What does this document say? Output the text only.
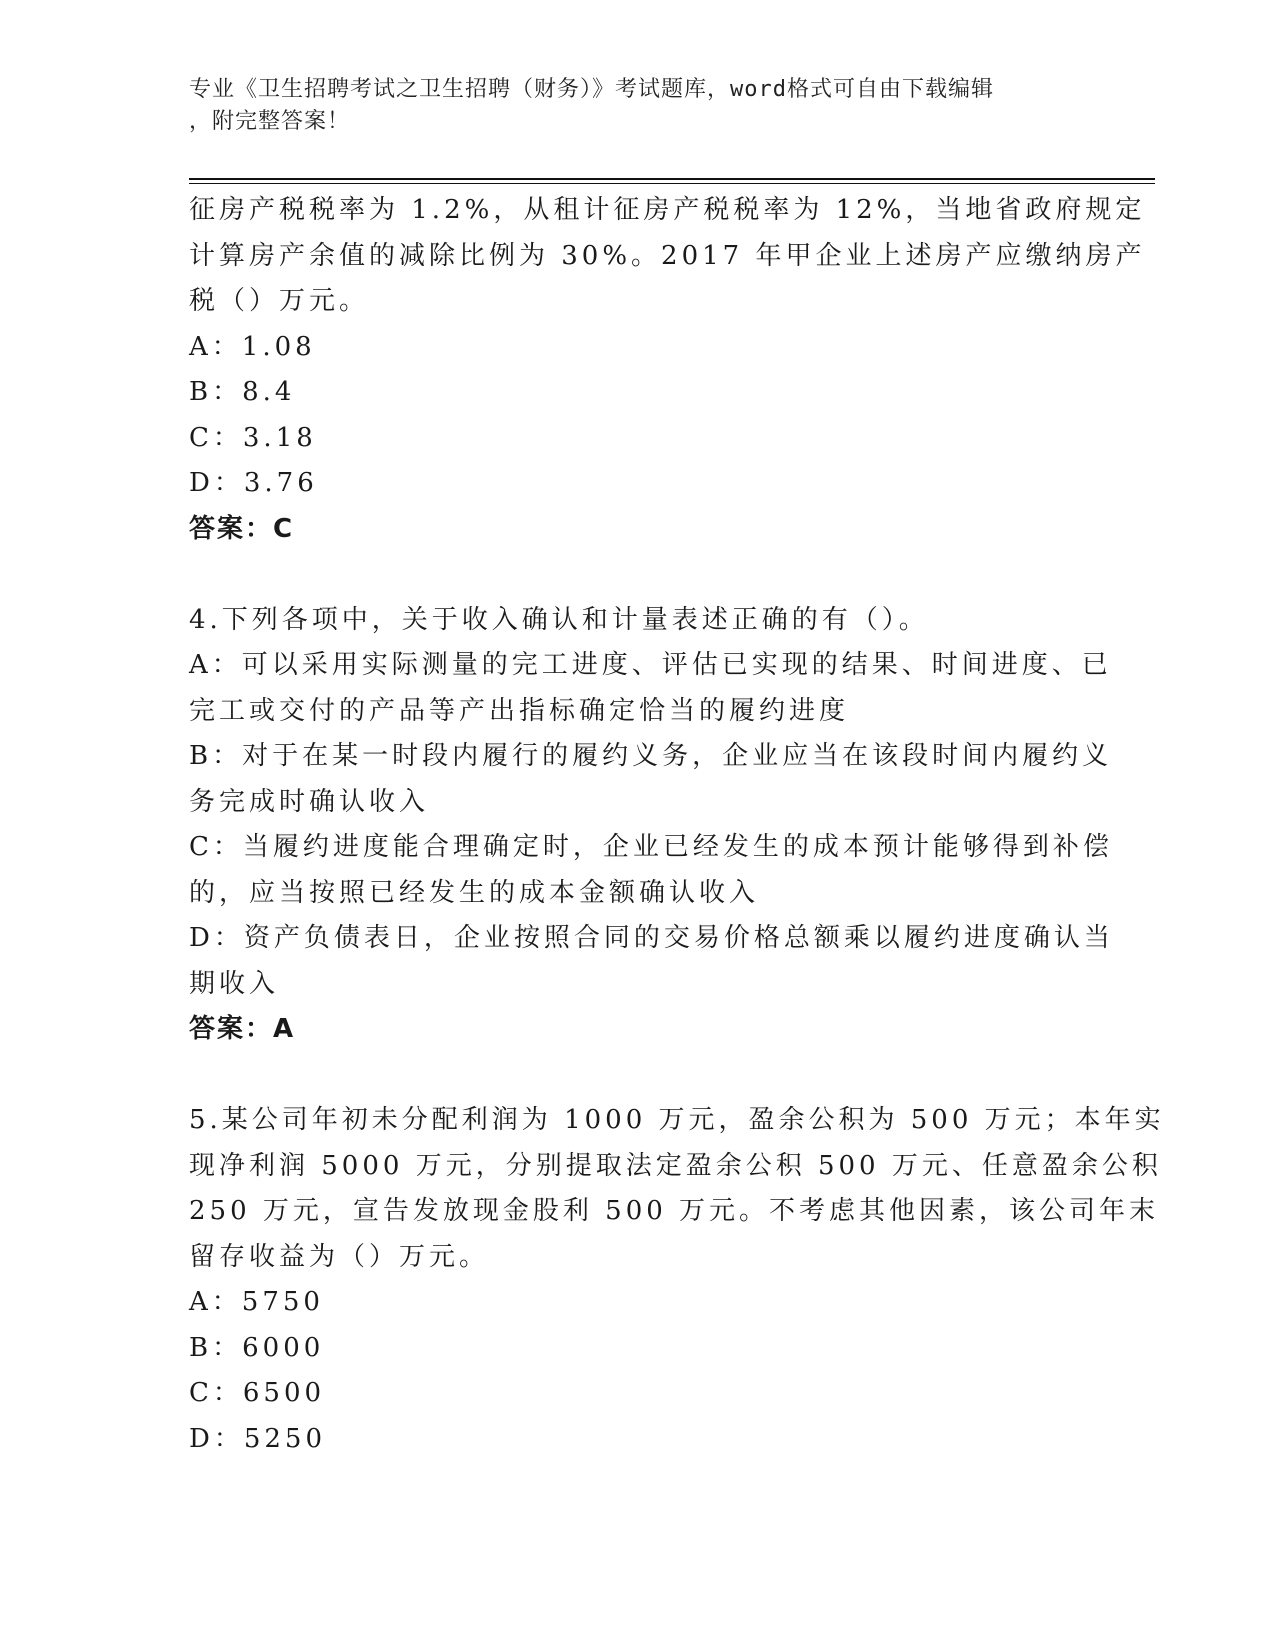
专业《卫生招聘考试之卫生招聘（财务）》考试题库，word格式可自由下载编辑
，附完整答案！
征房产税税率为 1.2%，从租计征房产税税率为 12%，当地省政府规定
计算房产余值的减除比例为 30%。2017 年甲企业上述房产应缴纳房产
税（）万元。
A：1.08
B：8.4
C：3.18
D：3.76
答案：C
4.下列各项中，关于收入确认和计量表述正确的有（）。
A：可以采用实际测量的完工进度、评估已实现的结果、时间进度、已
完工或交付的产品等产出指标确定恰当的履约进度
B：对于在某一时段内履行的履约义务，企业应当在该段时间内履约义
务完成时确认收入
C：当履约进度能合理确定时，企业已经发生的成本预计能够得到补偿
的，应当按照已经发生的成本金额确认收入
D：资产负债表日，企业按照合同的交易价格总额乘以履约进度确认当
期收入
答案：A
5.某公司年初未分配利润为 1000 万元，盈余公积为 500 万元；本年实
现净利润 5000 万元，分别提取法定盈余公积 500 万元、任意盈余公积
250 万元，宣告发放现金股利 500 万元。不考虑其他因素，该公司年末
留存收益为（）万元。
A：5750
B：6000
C：6500
D：5250
